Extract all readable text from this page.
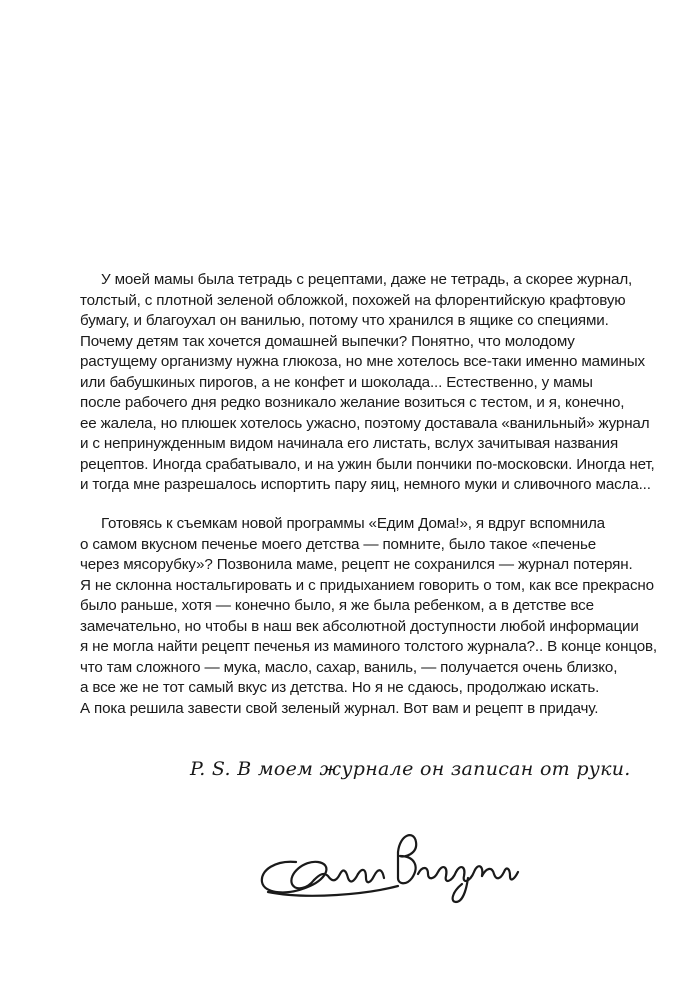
У моей мамы была тетрадь с рецептами, даже не тетрадь, а скорее журнал,
толстый, с плотной зеленой обложкой, похожей на флорентийскую крафтовую
бумагу, и благоухал он ванилью, потому что хранился в ящике со специями.
Почему детям так хочется домашней выпечки? Понятно, что молодому
растущему организму нужна глюкоза, но мне хотелось все-таки именно маминых
или бабушкиных пирогов, а не конфет и шоколада... Естественно, у мамы
после рабочего дня редко возникало желание возиться с тестом, и я, конечно,
ее жалела, но плюшек хотелось ужасно, поэтому доставала «ванильный» журнал
и с непринужденным видом начинала его листать, вслух зачитывая названия
рецептов. Иногда срабатывало, и на ужин были пончики по-московски. Иногда нет,
и тогда мне разрешалось испортить пару яиц, немного муки и сливочного масла...
Готовясь к съемкам новой программы «Едим Дома!», я вдруг вспомнила
о самом вкусном печенье моего детства — помните, было такое «печенье
через мясорубку»? Позвонила маме, рецепт не сохранился — журнал потерян.
Я не склонна ностальгировать и с придыханием говорить о том, как все прекрасно
было раньше, хотя — конечно было, я же была ребенком, а в детстве все
замечательно, но чтобы в наш век абсолютной доступности любой информации
я не могла найти рецепт печенья из маминого толстого журнала?.. В конце концов,
что там сложного — мука, масло, сахар, ваниль, — получается очень близко,
а все же не тот самый вкус из детства. Но я не сдаюсь, продолжаю искать.
А пока решила завести свой зеленый журнал. Вот вам и рецепт в придачу.
P. S. В моем журнале он записан от руки.
